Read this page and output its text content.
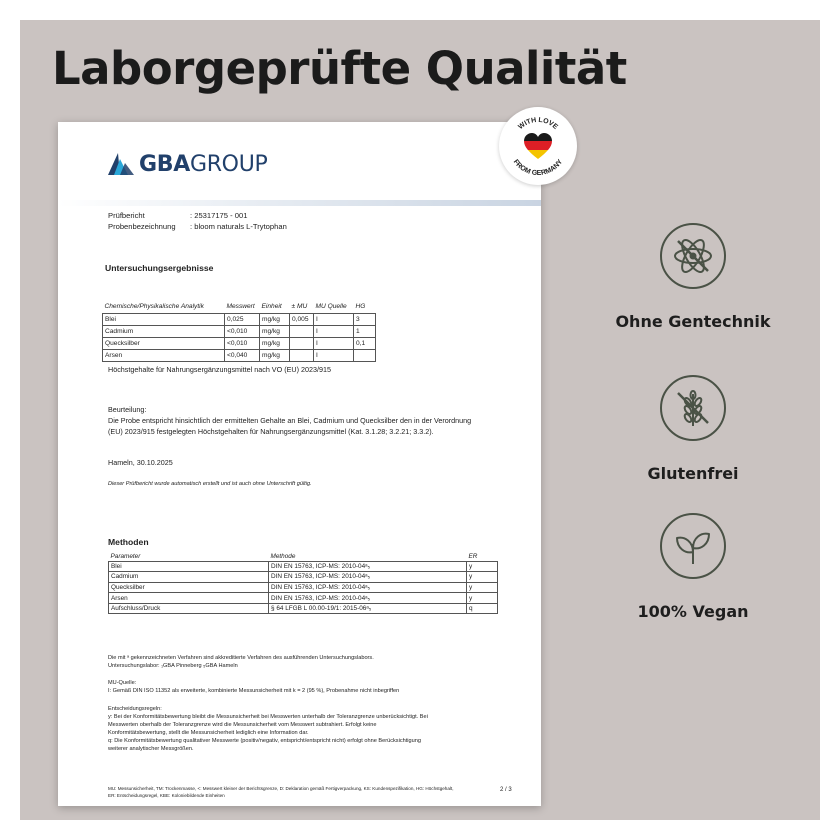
Laborgeprüfte Qualität
GBAGROUP
Prüfbericht	: 25317175 - 001
Probenbezeichnung	: bloom naturals L-Trytophan
Untersuchungsergebnisse
Chemische/Physikalische Analytik	Messwert	Einheit	± MU	MU Quelle	HG
Blei	0,025	mg/kg	0,005	I	3
Cadmium	<0,010	mg/kg		I	1
Quecksilber	<0,010	mg/kg		I	0,1
Arsen	<0,040	mg/kg		I	
Höchstgehalte für Nahrungsergänzungsmittel nach VO (EU) 2023/915
Beurteilung:
Die Probe entspricht hinsichtlich der ermittelten Gehalte an Blei, Cadmium und Quecksilber den in der Verordnung
(EU) 2023/915 festgelegten Höchstgehalten für Nahrungsergänzungsmittel (Kat. 3.1.28; 3.2.21; 3.3.2).
Hameln, 30.10.2025
Dieser Prüfbericht wurde automatisch erstellt und ist auch ohne Unterschrift gültig.
Methoden
Parameter	Methode	ER
Blei	DIN EN 15763, ICP-MS: 2010-04ᵃ₅	y
Cadmium	DIN EN 15763, ICP-MS: 2010-04ᵃ₅	y
Quecksilber	DIN EN 15763, ICP-MS: 2010-04ᵃ₅	y
Arsen	DIN EN 15763, ICP-MS: 2010-04ᵃ₅	y
Aufschluss/Druck	§ 64 LFGB L 00.00-19/1: 2015-06ᵃ₅	q
Die mit ᵃ gekennzeichneten Verfahren sind akkreditierte Verfahren des ausführenden Untersuchungslabors.
Untersuchungslabor: ₁GBA Pinneberg ₅GBA Hameln
MU-Quelle:
I: Gemäß DIN ISO 11352 als erweiterte, kombinierte Messunsicherheit mit k = 2 (95 %), Probenahme nicht inbegriffen
Entscheidungsregeln:
y: Bei der Konformitätsbewertung bleibt die Messunsicherheit bei Messwerten unterhalb der Toleranzgrenze unberücksichtigt. Bei
Messwerten oberhalb der Toleranzgrenze wird die Messunsicherheit vom Messwert subtrahiert. Erfolgt keine
Konformitätsbewertung, stellt die Messunsicherheit lediglich eine Information dar.
q: Die Konformitätsbewertung qualitativer Messwerte (positiv/negativ, entspricht/entspricht nicht) erfolgt ohne Berücksichtigung
weiterer analytischer Messgrößen.
MU: Messunsicherheit, TM: Trockenmasse, <: Messwert kleiner der Berichtsgrenze, D: Deklaration gemäß Fertigverpackung, KS: Kundenspezifikation, HG: Höchstgehalt,
ER: Entscheidungsregel, KBE: Koloniebildende Einheiten
2 / 3
WITH LOVE
FROM GERMANY
Ohne Gentechnik
Glutenfrei
100% Vegan
